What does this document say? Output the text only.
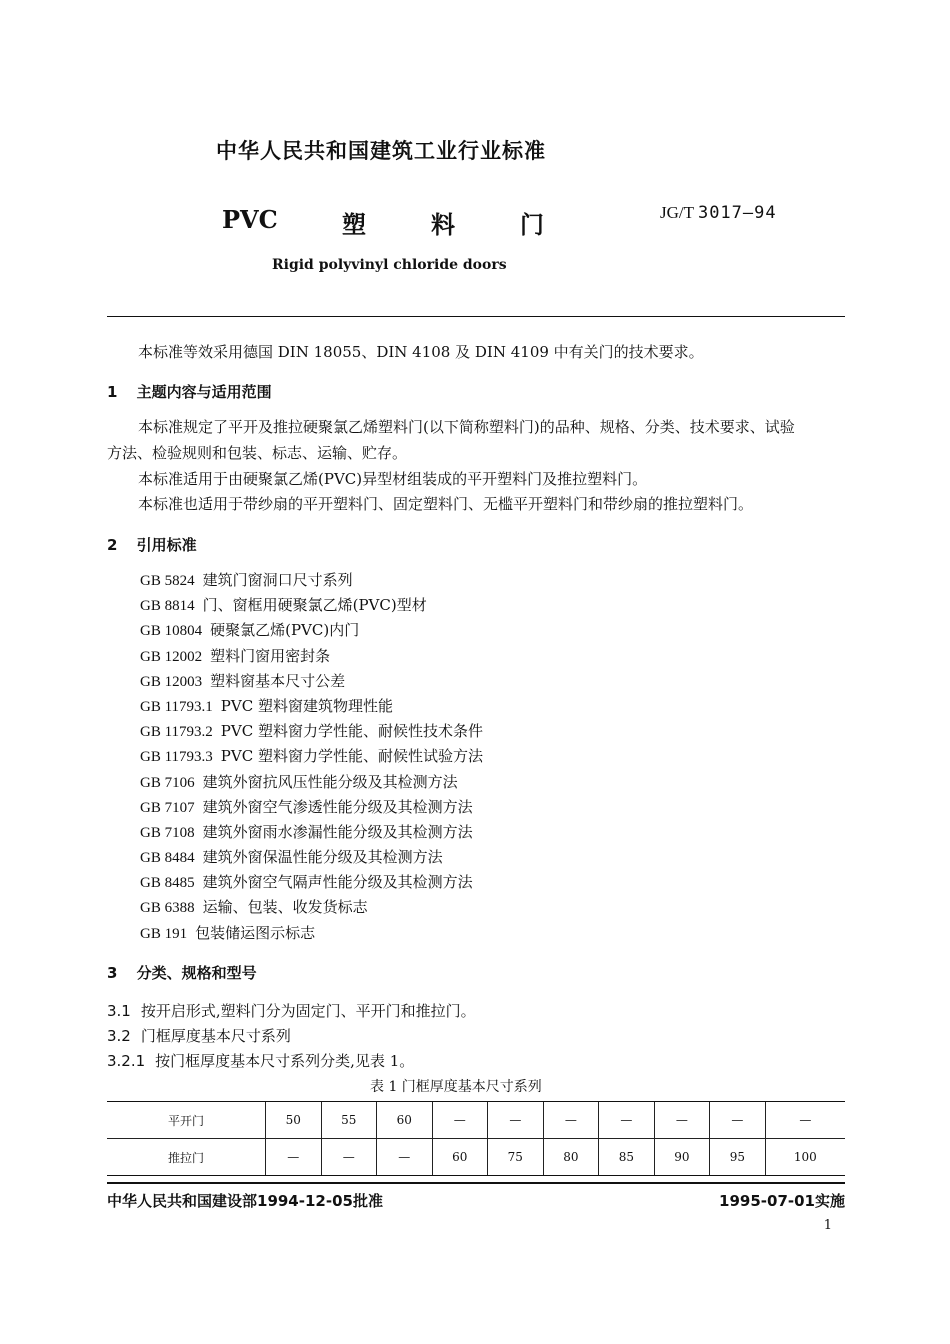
中华人民共和国建筑工业行业标准
PVC	塑	料	门	JG/T 3017—94
Rigid polyvinyl chloride doors
本标准等效采用德国 DIN 18055、DIN 4108 及 DIN 4109 中有关门的技术要求。
1 主题内容与适用范围
本标准规定了平开及推拉硬聚氯乙烯塑料门(以下简称塑料门)的品种、规格、分类、技术要求、试验
方法、检验规则和包装、标志、运输、贮存。
本标准适用于由硬聚氯乙烯(PVC)异型材组装成的平开塑料门及推拉塑料门。
本标准也适用于带纱扇的平开塑料门、固定塑料门、无槛平开塑料门和带纱扇的推拉塑料门。
2 引用标准
GB 5824 建筑门窗洞口尺寸系列
GB 8814 门、窗框用硬聚氯乙烯(PVC)型材
GB 10804 硬聚氯乙烯(PVC)内门
GB 12002 塑料门窗用密封条
GB 12003 塑料窗基本尺寸公差
GB 11793.1 PVC 塑料窗建筑物理性能
GB 11793.2 PVC 塑料窗力学性能、耐候性技术条件
GB 11793.3 PVC 塑料窗力学性能、耐候性试验方法
GB 7106 建筑外窗抗风压性能分级及其检测方法
GB 7107 建筑外窗空气渗透性能分级及其检测方法
GB 7108 建筑外窗雨水渗漏性能分级及其检测方法
GB 8484 建筑外窗保温性能分级及其检测方法
GB 8485 建筑外窗空气隔声性能分级及其检测方法
GB 6388 运输、包装、收发货标志
GB 191 包装储运图示标志
3 分类、规格和型号
3.1 按开启形式,塑料门分为固定门、平开门和推拉门。
3.2 门框厚度基本尺寸系列
3.2.1 按门框厚度基本尺寸系列分类,见表 1。
表 1 门框厚度基本尺寸系列
平开门	50	55	60	—	—	—	—	—	—	—
推拉门	—	—	—	60	75	80	85	90	95	100
中华人民共和国建设部1994-12-05批准	1995-07-01实施
1
